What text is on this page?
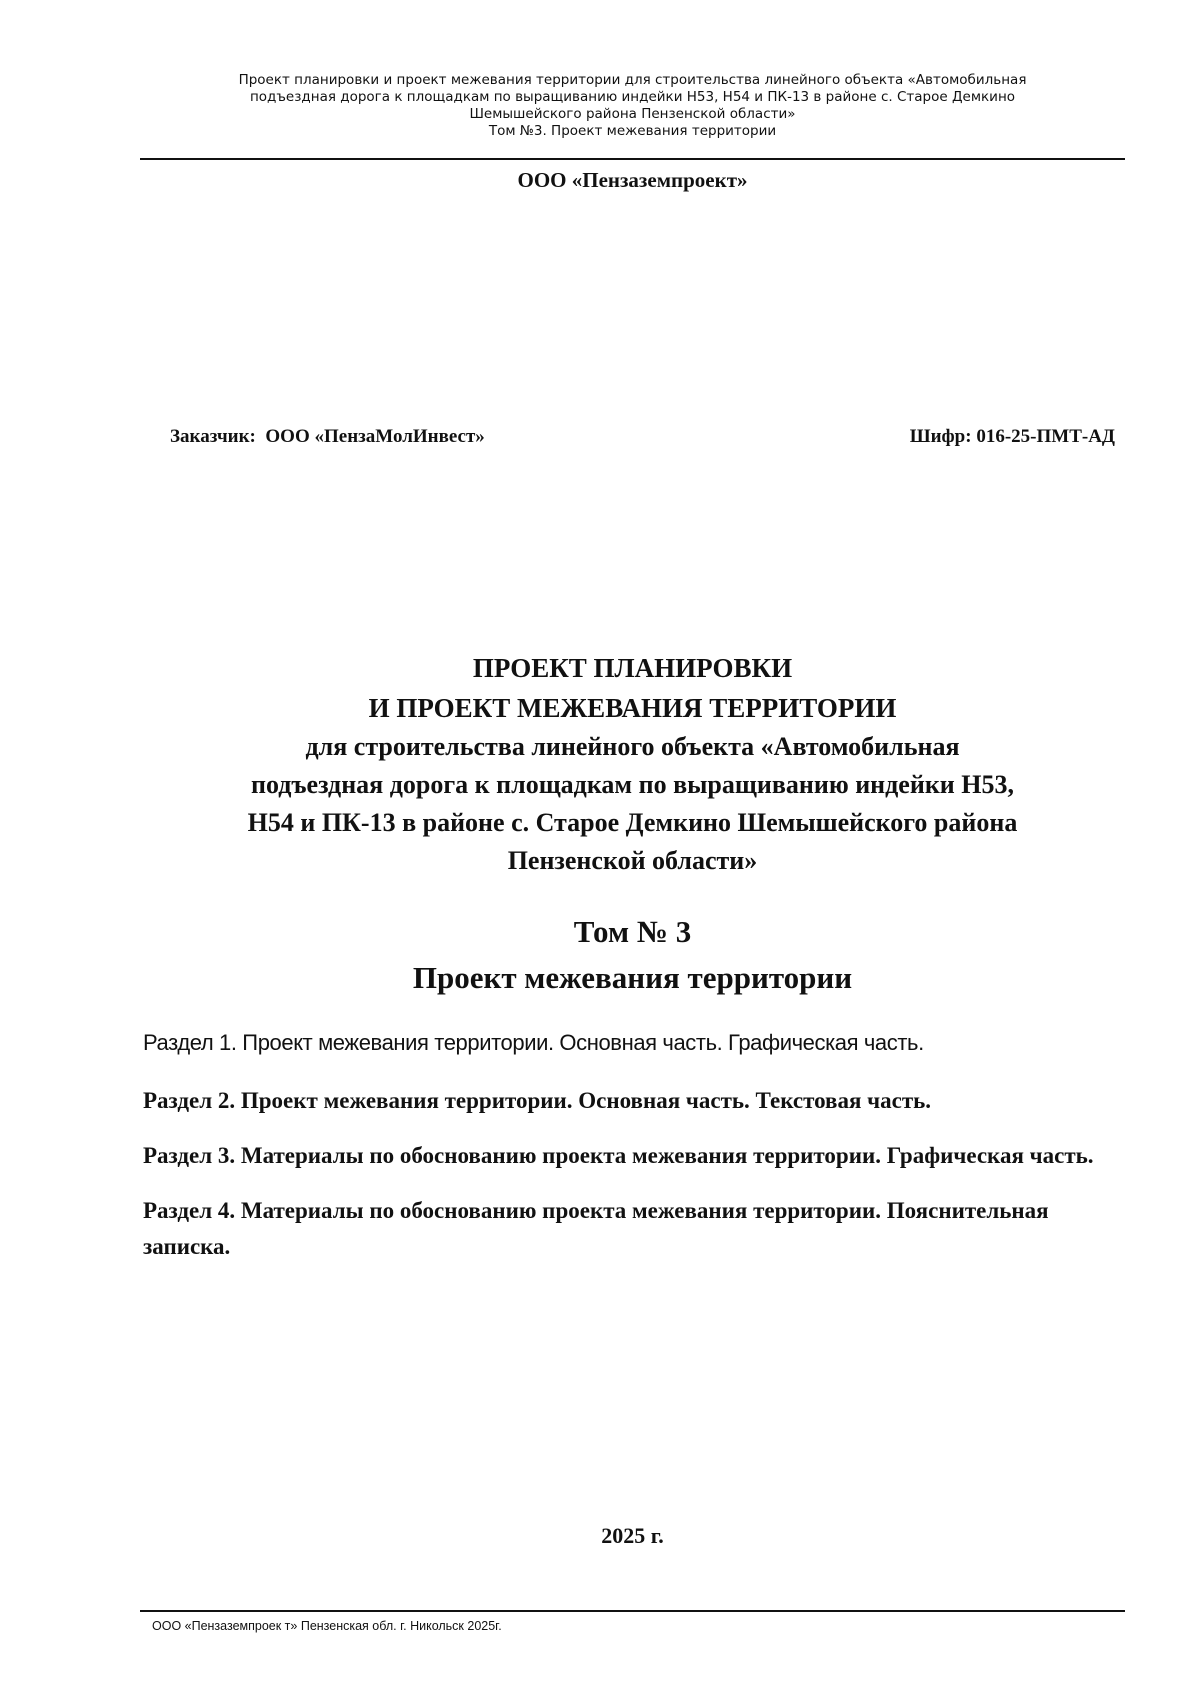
Проект планировки и проект межевания территории для строительства линейного объекта «Автомобильная
подъездная дорога к площадкам по выращиванию индейки Н53, Н54 и ПК-13 в районе с. Старое Демкино
Шемышейского района Пензенской области»
Том №3. Проект межевания территории
ООО «Пензаземпроект»
Заказчик: ООО «ПензаМолИнвест»	Шифр: 016-25-ПМТ-АД
ПРОЕКТ ПЛАНИРОВКИ
И ПРОЕКТ МЕЖЕВАНИЯ ТЕРРИТОРИИ
для строительства линейного объекта «Автомобильная
подъездная дорога к площадкам по выращиванию индейки Н53,
Н54 и ПК-13 в районе с. Старое Демкино Шемышейского района
Пензенской области»
Том № 3
Проект межевания территории
Раздел 1. Проект межевания территории. Основная часть. Графическая часть.
Раздел 2. Проект межевания территории. Основная часть. Текстовая часть.
Раздел 3. Материалы по обоснованию проекта межевания территории. Графическая часть.
Раздел 4. Материалы по обоснованию проекта межевания территории. Пояснительная записка.
2025 г.
ООО «Пензаземпроек т» Пензенская обл. г. Никольск 2025г.
